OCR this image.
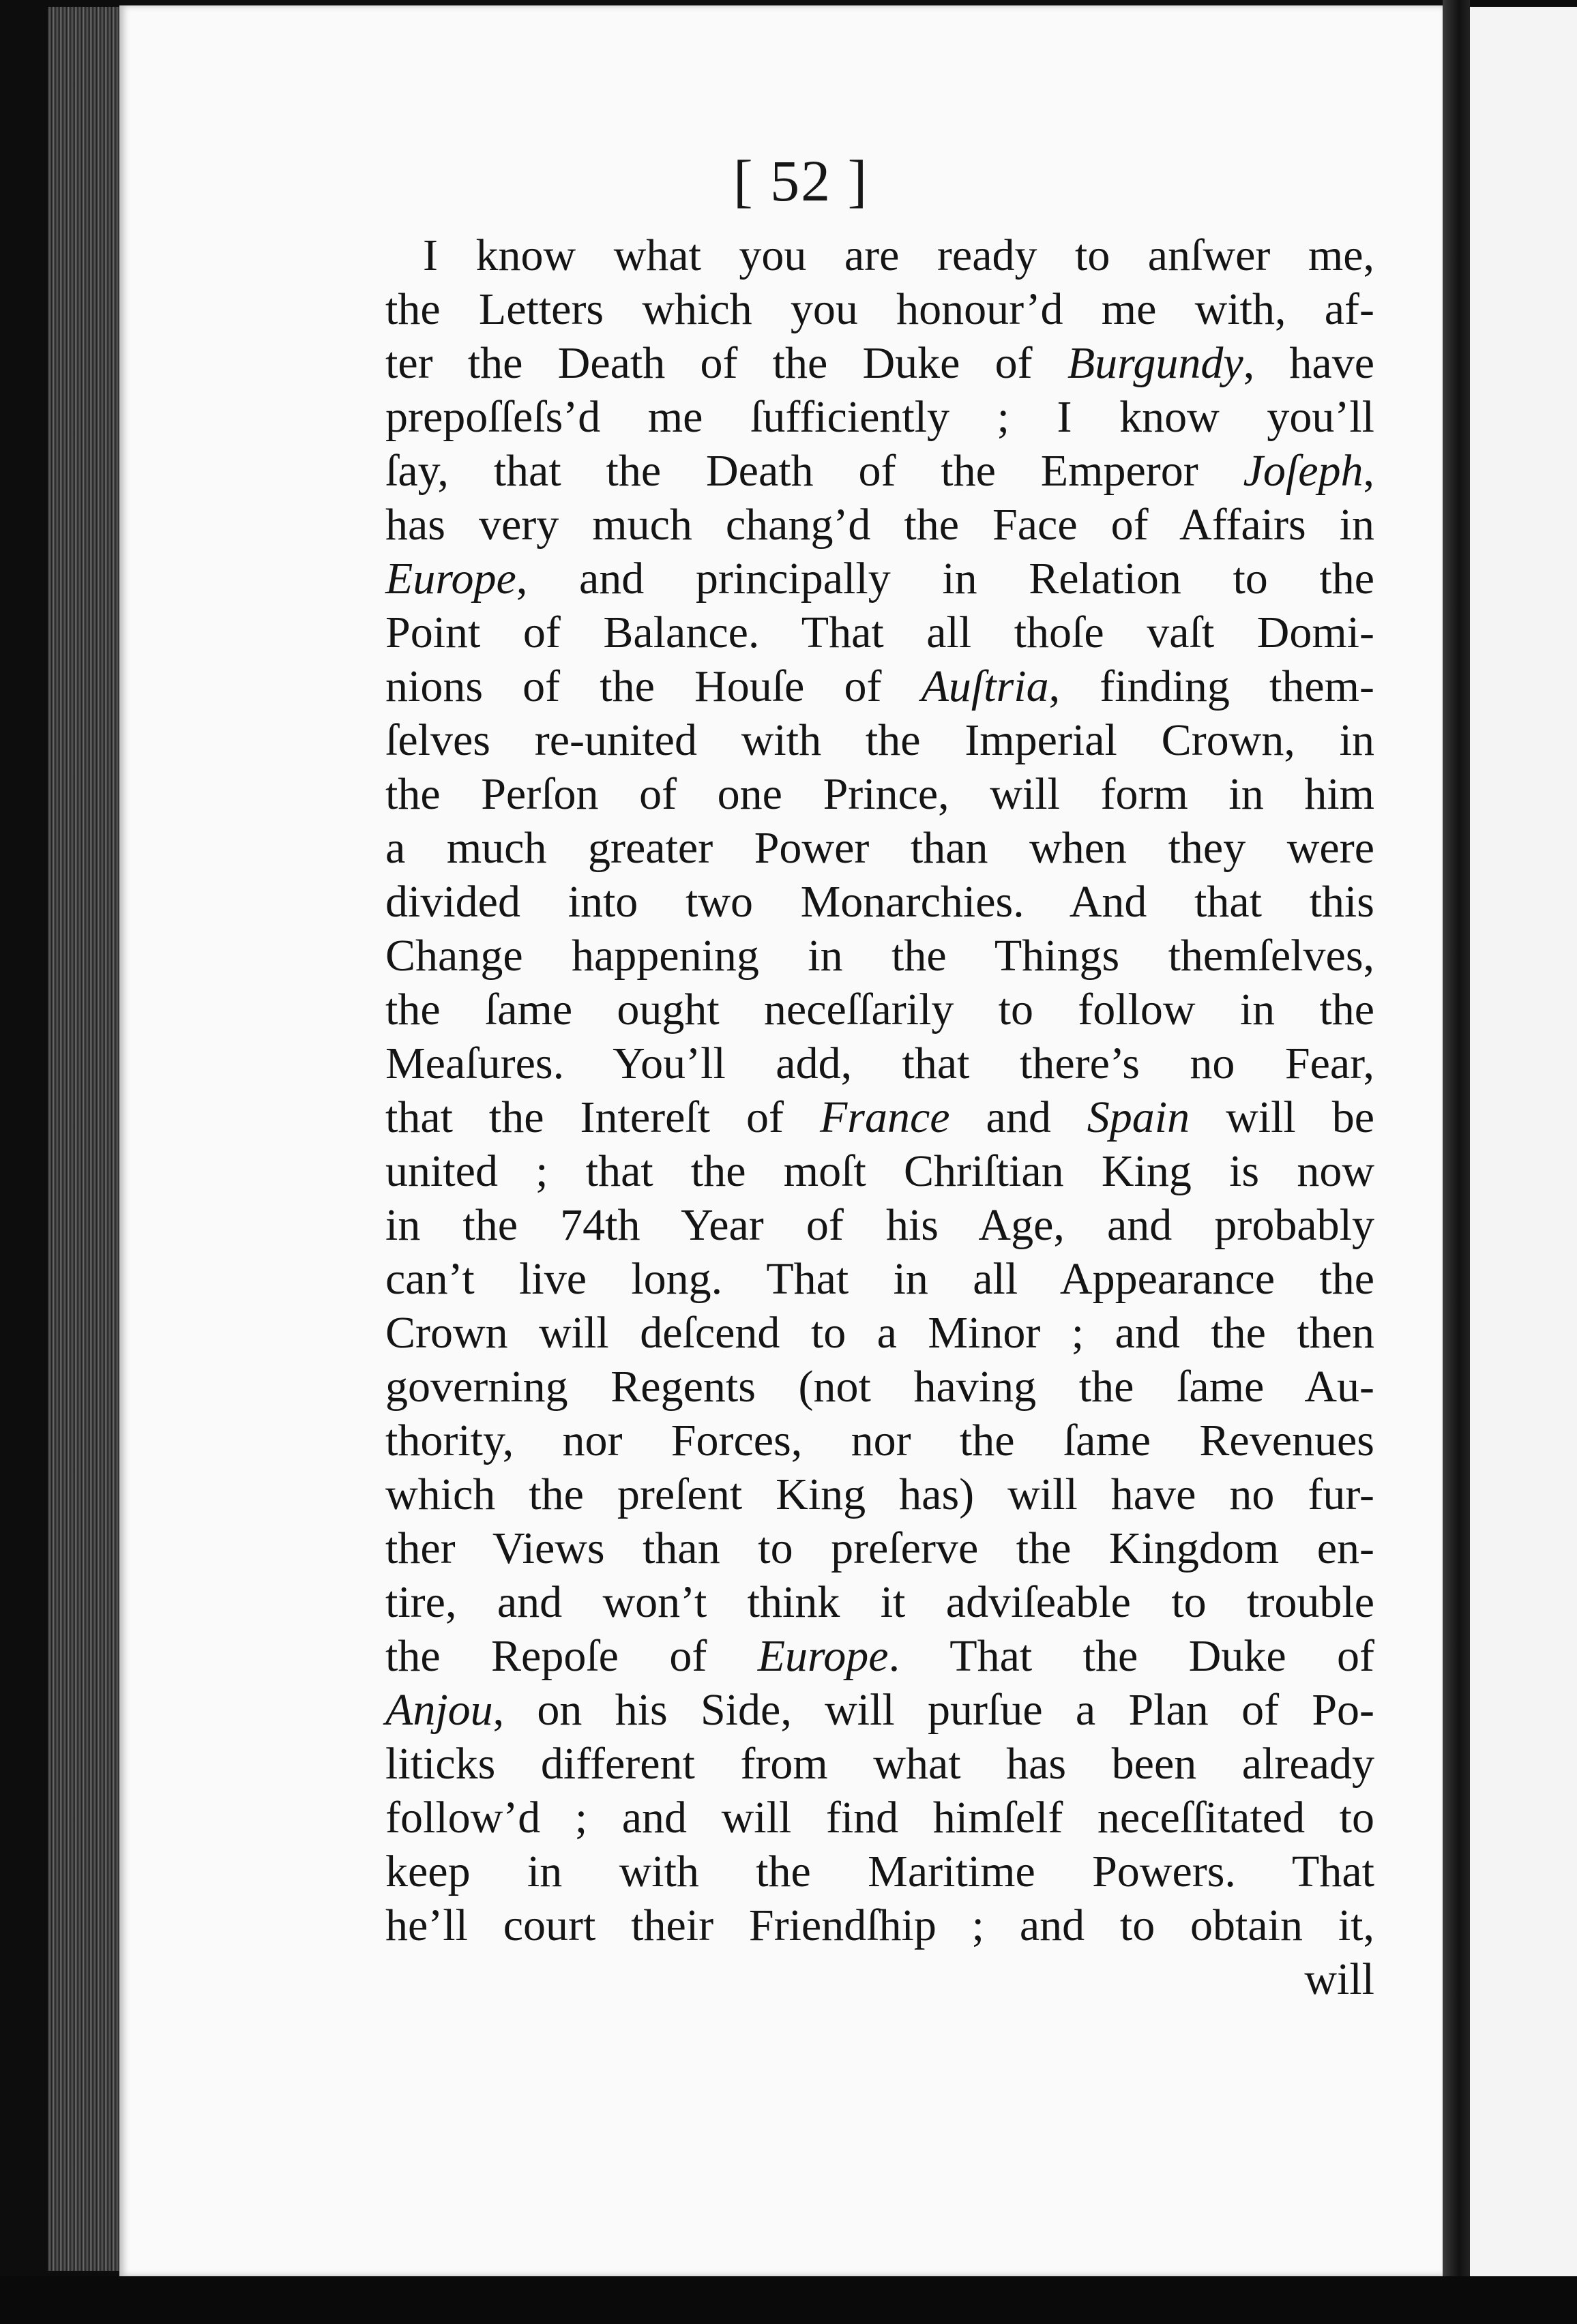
[ 52 ]
I know what you are ready to anſwer me,
the Letters which you honour’d me with, af-
ter the Death of the Duke of Burgundy, have
prepoſſeſs’d me ſufficiently ; I know you’ll
ſay, that the Death of the Emperor Joſeph,
has very much chang’d the Face of Affairs in
Europe, and principally in Relation to the
Point of Balance. That all thoſe vaſt Domi-
nions of the Houſe of Auſtria, finding them-
ſelves re-united with the Imperial Crown, in
the Perſon of one Prince, will form in him
a much greater Power than when they were
divided into two Monarchies. And that this
Change happening in the Things themſelves,
the ſame ought neceſſarily to follow in the
Meaſures. You’ll add, that there’s no Fear,
that the Intereſt of France and Spain will be
united ; that the moſt Chriſtian King is now
in the 74th Year of his Age, and probably
can’t live long. That in all Appearance the
Crown will deſcend to a Minor ; and the then
governing Regents (not having the ſame Au-
thority, nor Forces, nor the ſame Revenues
which the preſent King has) will have no fur-
ther Views than to preſerve the Kingdom en-
tire, and won’t think it adviſeable to trouble
the Repoſe of Europe. That the Duke of
Anjou, on his Side, will purſue a Plan of Po-
liticks different from what has been already
follow’d ; and will find himſelf neceſſitated to
keep in with the Maritime Powers. That
he’ll court their Friendſhip ; and to obtain it,
will
